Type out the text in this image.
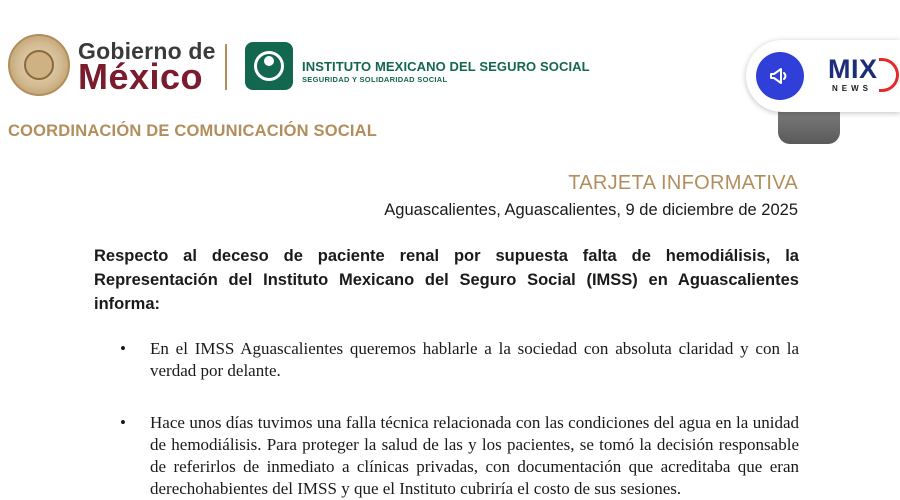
Gobierno de
México	INSTITUTO MEXICANO DEL SEGURO SOCIAL
SEGURIDAD Y SOLIDARIDAD SOCIAL	MIX
NEWS
COORDINACIÓN DE COMUNICACIÓN SOCIAL
TARJETA INFORMATIVA
Aguascalientes, Aguascalientes, 9 de diciembre de 2025
Respecto al deceso de paciente renal por supuesta falta de hemodiálisis, la Representación del Instituto Mexicano del Seguro Social (IMSS) en Aguascalientes informa:
• En el IMSS Aguascalientes queremos hablarle a la sociedad con absoluta claridad y con la verdad por delante.
• Hace unos días tuvimos una falla técnica relacionada con las condiciones del agua en la unidad de hemodiálisis. Para proteger la salud de las y los pacientes, se tomó la decisión responsable de referirlos de inmediato a clínicas privadas, con documentación que acreditaba que eran derechohabientes del IMSS y que el Instituto cubriría el costo de sus sesiones.
